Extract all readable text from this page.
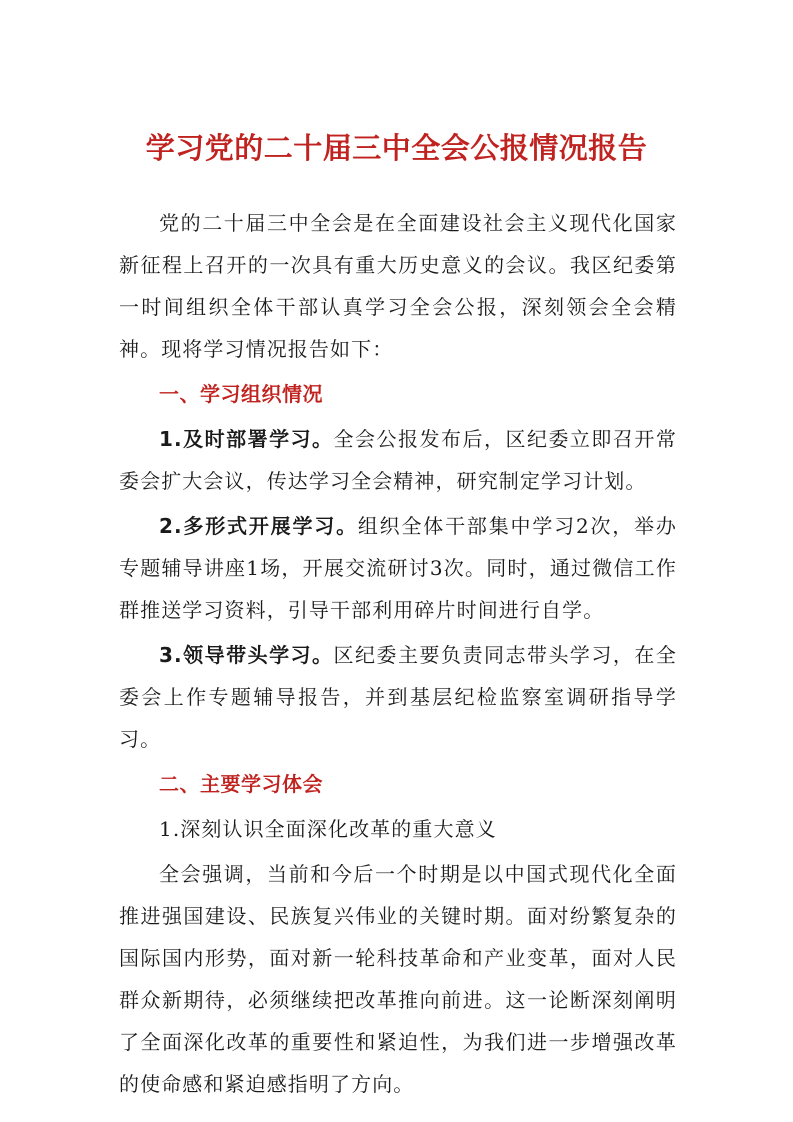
学习党的二十届三中全会公报情况报告

党的二十届三中全会是在全面建设社会主义现代化国家新征程上召开的一次具有重大历史意义的会议。我区纪委第一时间组织全体干部认真学习全会公报，深刻领会全会精神。现将学习情况报告如下：

一、学习组织情况

1.及时部署学习。全会公报发布后，区纪委立即召开常委会扩大会议，传达学习全会精神，研究制定学习计划。

2.多形式开展学习。组织全体干部集中学习2次，举办专题辅导讲座1场，开展交流研讨3次。同时，通过微信工作群推送学习资料，引导干部利用碎片时间进行自学。

3.领导带头学习。区纪委主要负责同志带头学习，在全委会上作专题辅导报告，并到基层纪检监察室调研指导学习。

二、主要学习体会

1.深刻认识全面深化改革的重大意义

全会强调，当前和今后一个时期是以中国式现代化全面推进强国建设、民族复兴伟业的关键时期。面对纷繁复杂的国际国内形势，面对新一轮科技革命和产业变革，面对人民群众新期待，必须继续把改革推向前进。这一论断深刻阐明了全面深化改革的重要性和紧迫性，为我们进一步增强改革的使命感和紧迫感指明了方向。
